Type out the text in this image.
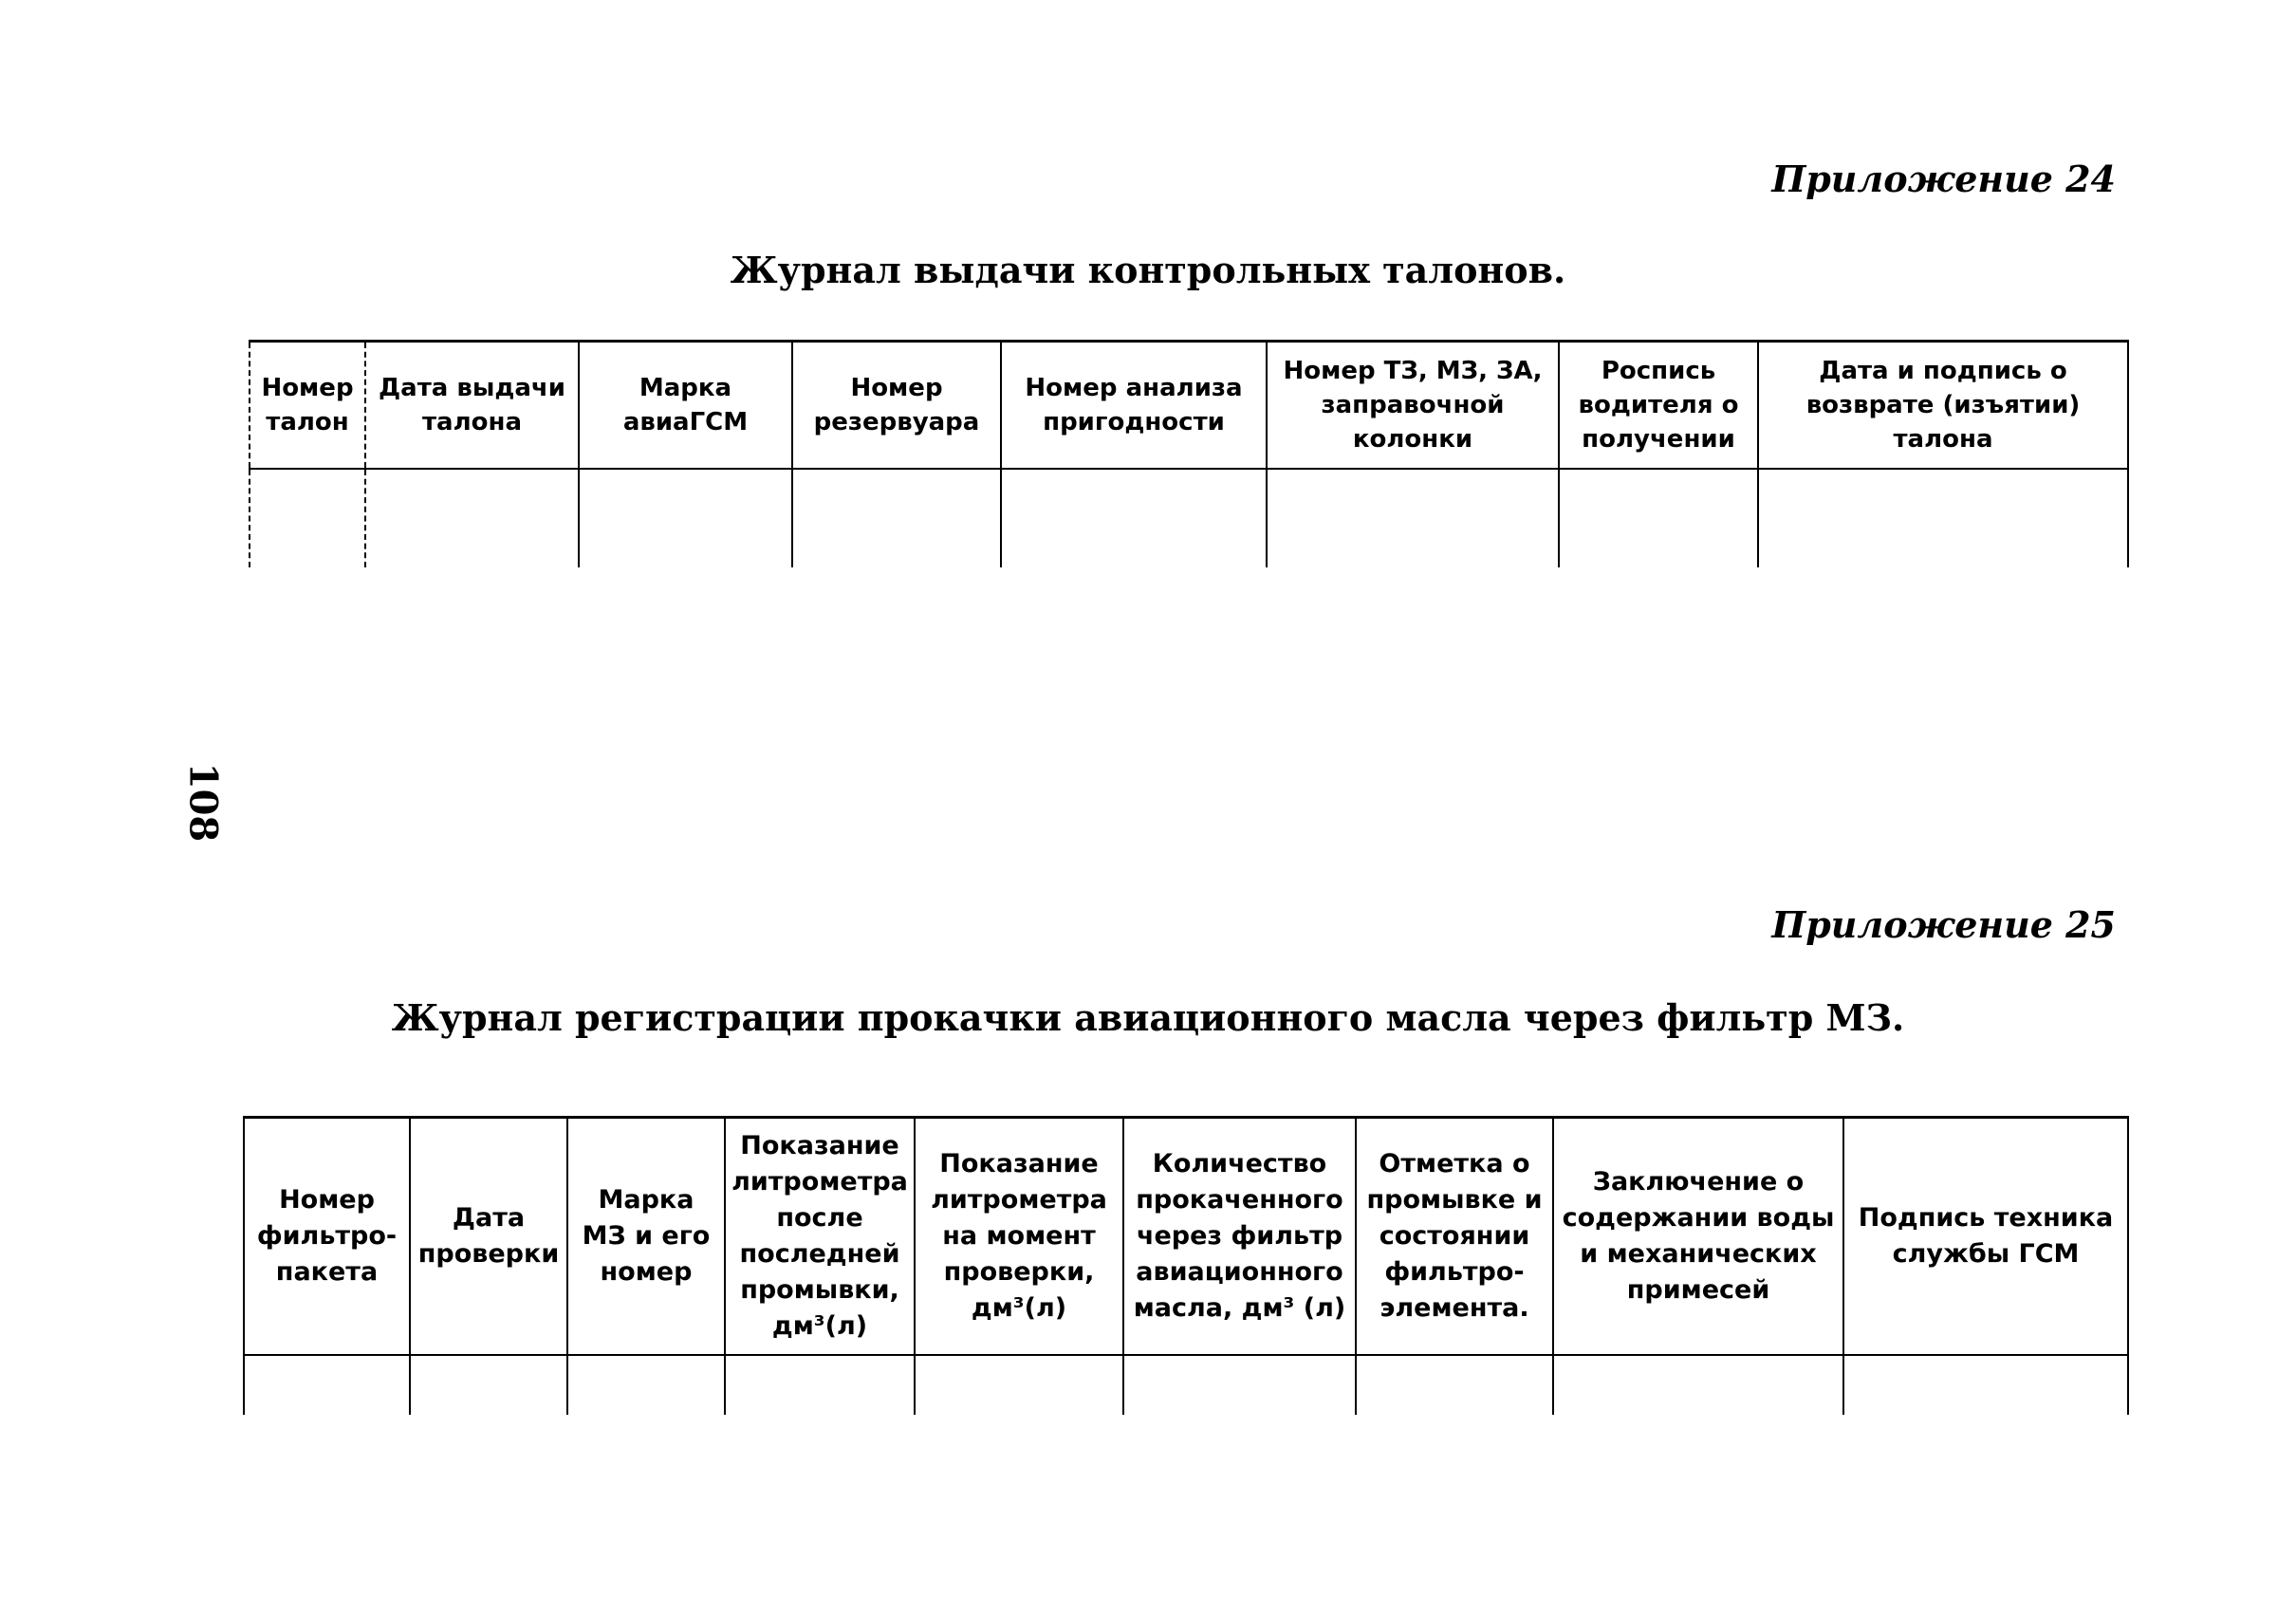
Приложение 24
Журнал выдачи контрольных талонов.
Номер талон	Дата выдачи талона	Марка авиаГСМ	Номер резервуара	Номер анализа пригодности	Номер ТЗ, МЗ, ЗА, заправочной колонки	Роспись водителя о получении	Дата и подпись о возврате (изъятии) талона

108
Приложение 25
Журнал регистрации прокачки авиационного масла через фильтр МЗ.
Номер фильтро-пакета	Дата проверки	Марка МЗ и его номер	Показание литрометра после последней промывки, дм³(л)	Показание литрометра на момент проверки, дм³(л)	Количество прокаченного через фильтр авиационного масла, дм³ (л)	Отметка о промывке и состоянии фильтро-элемента.	Заключение о содержании воды и механических примесей	Подпись техника службы ГСМ
